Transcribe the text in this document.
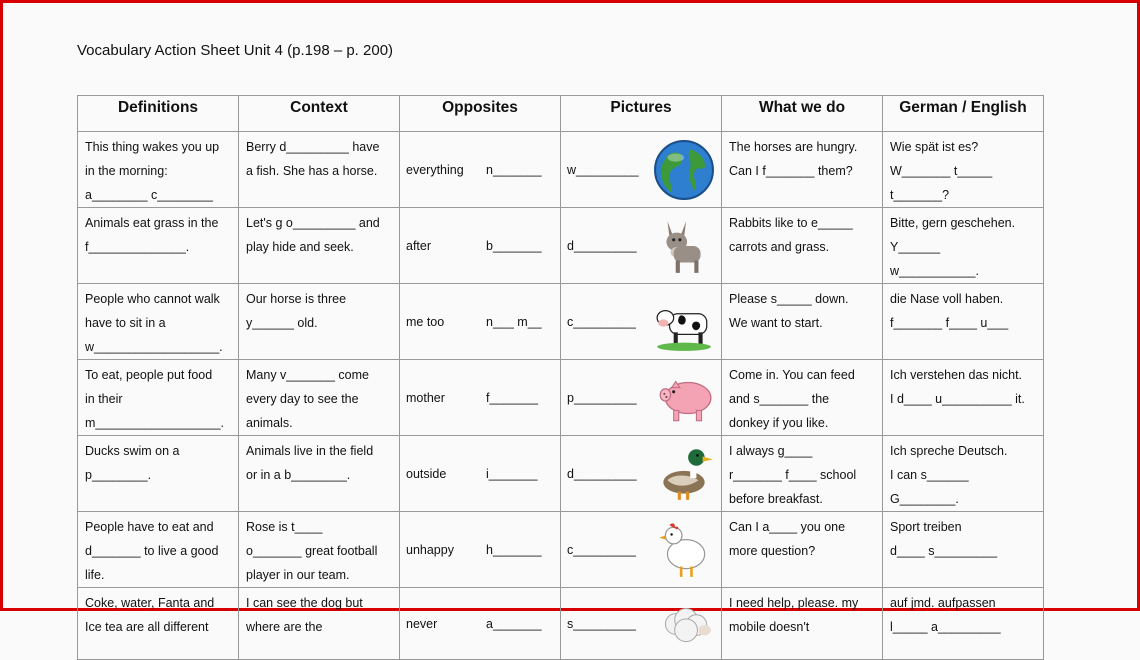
Vocabulary Action Sheet Unit 4 (p.198 – p. 200)
Definitions	Context	Opposites	Pictures	What we do	German / English
This thing wakes you up
in the morning:
a________ c________	Berry d_________ have
a fish. She has a horse.	everything n_______	w_________	The horses are hungry.
Can I f_______ them?	Wie spät ist es?
W_______ t_____
t_______?
Animals eat grass in the
f______________.	Let's g o_________ and
play hide and seek.	after b_______	d_________	Rabbits like to e_____
carrots and grass.	Bitte, gern geschehen.
Y______
w___________.
People who cannot walk
have to sit in a
w__________________.	Our horse is three
y______ old.	me too n___ m__	c_________	Please s_____ down.
We want to start.	die Nase voll haben.
f_______ f____ u___
To eat, people put food
in their
m__________________.	Many v_______ come
every day to see the
animals.	mother f_______	p_________	Come in. You can feed
and s_______ the
donkey if you like.	Ich verstehen das nicht.
I d____ u__________ it.
Ducks swim on a
p________.	Animals live in the field
or in a b________.	outside i_______	d_________	I always g____
r_______ f____ school
before breakfast.	Ich spreche Deutsch.
I can s______
G________.
People have to eat and
d_______ to live a good
life.	Rose is t____
o_______ great football
player in our team.	unhappy h_______	c_________	Can I a____ you one
more question?	Sport treiben
d____ s_________
Coke, water, Fanta and
Ice tea are all different	I can see the dog but
where are the	never a_______	s_________	I need help, please. my
mobile doesn't	auf jmd. aufpassen
l_____ a_________
